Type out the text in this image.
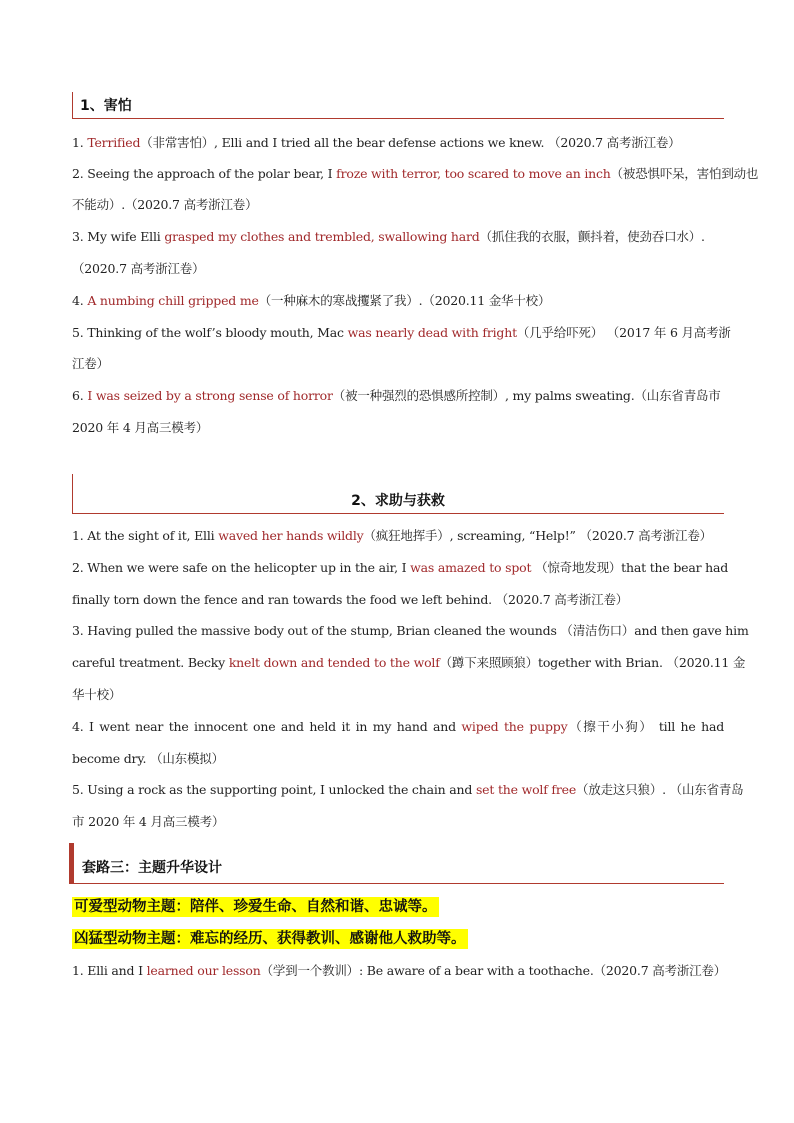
1、害怕
1. Terrified（非常害怕）, Elli and I tried all the bear defense actions we knew. （2020.7 高考浙江卷）
2. Seeing the approach of the polar bear, I froze with terror, too scared to move an inch（被恐惧吓呆，害怕到动也
不能动）.（2020.7 高考浙江卷）
3. My wife Elli grasped my clothes and trembled, swallowing hard（抓住我的衣服，颤抖着，使劲吞口水）.
（2020.7 高考浙江卷）
4. A numbing chill gripped me（一种麻木的寒战攫紧了我）.（2020.11 金华十校）
5. Thinking of the wolf’s bloody mouth, Mac was nearly dead with fright（几乎给吓死） （2017 年 6 月高考浙
江卷）
6. I was seized by a strong sense of horror（被一种强烈的恐惧感所控制）, my palms sweating.（山东省青岛市
2020 年 4 月高三模考）
2、求助与获救
1. At the sight of it, Elli waved her hands wildly（疯狂地挥手）, screaming, “Help!” （2020.7 高考浙江卷）
2. When we were safe on the helicopter up in the air, I was amazed to spot （惊奇地发现）that the bear had
finally torn down the fence and ran towards the food we left behind. （2020.7 高考浙江卷）
3. Having pulled the massive body out of the stump, Brian cleaned the wounds （清洁伤口）and then gave him
careful treatment. Becky knelt down and tended to the wolf（蹲下来照顾狼）together with Brian. （2020.11 金
华十校）
4. I went near the innocent one and held it in my hand and wiped the puppy（擦干小狗） till he had
become dry. （山东模拟）
5. Using a rock as the supporting point, I unlocked the chain and set the wolf free（放走这只狼）. （山东省青岛
市 2020 年 4 月高三模考）
套路三：主题升华设计
可爱型动物主题：陪伴、珍爱生命、自然和谐、忠诚等。
凶猛型动物主题：难忘的经历、获得教训、感谢他人救助等。
1. Elli and I learned our lesson（学到一个教训）: Be aware of a bear with a toothache.（2020.7 高考浙江卷）
